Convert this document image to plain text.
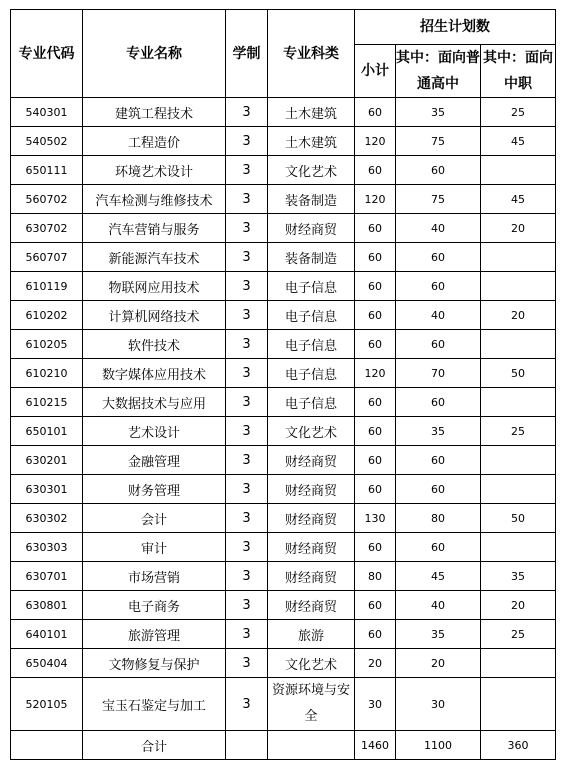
专业代码	专业名称	学制	专业科类	招生计划数		
				小计	其中：面向普通高中	其中：面向中职
540301	建筑工程技术	3	土木建筑	60	35	25
540502	工程造价	3	土木建筑	120	75	45
650111	环境艺术设计	3	文化艺术	60	60	
560702	汽车检测与维修技术	3	装备制造	120	75	45
630702	汽车营销与服务	3	财经商贸	60	40	20
560707	新能源汽车技术	3	装备制造	60	60	
610119	物联网应用技术	3	电子信息	60	60	
610202	计算机网络技术	3	电子信息	60	40	20
610205	软件技术	3	电子信息	60	60	
610210	数字媒体应用技术	3	电子信息	120	70	50
610215	大数据技术与应用	3	电子信息	60	60	
650101	艺术设计	3	文化艺术	60	35	25
630201	金融管理	3	财经商贸	60	60	
630301	财务管理	3	财经商贸	60	60	
630302	会计	3	财经商贸	130	80	50
630303	审计	3	财经商贸	60	60	
630701	市场营销	3	财经商贸	80	45	35
630801	电子商务	3	财经商贸	60	40	20
640101	旅游管理	3	旅游	60	35	25
650404	文物修复与保护	3	文化艺术	20	20	
520105	宝玉石鉴定与加工	3	资源环境与安全	30	30	
	合计			1460	1100	360
